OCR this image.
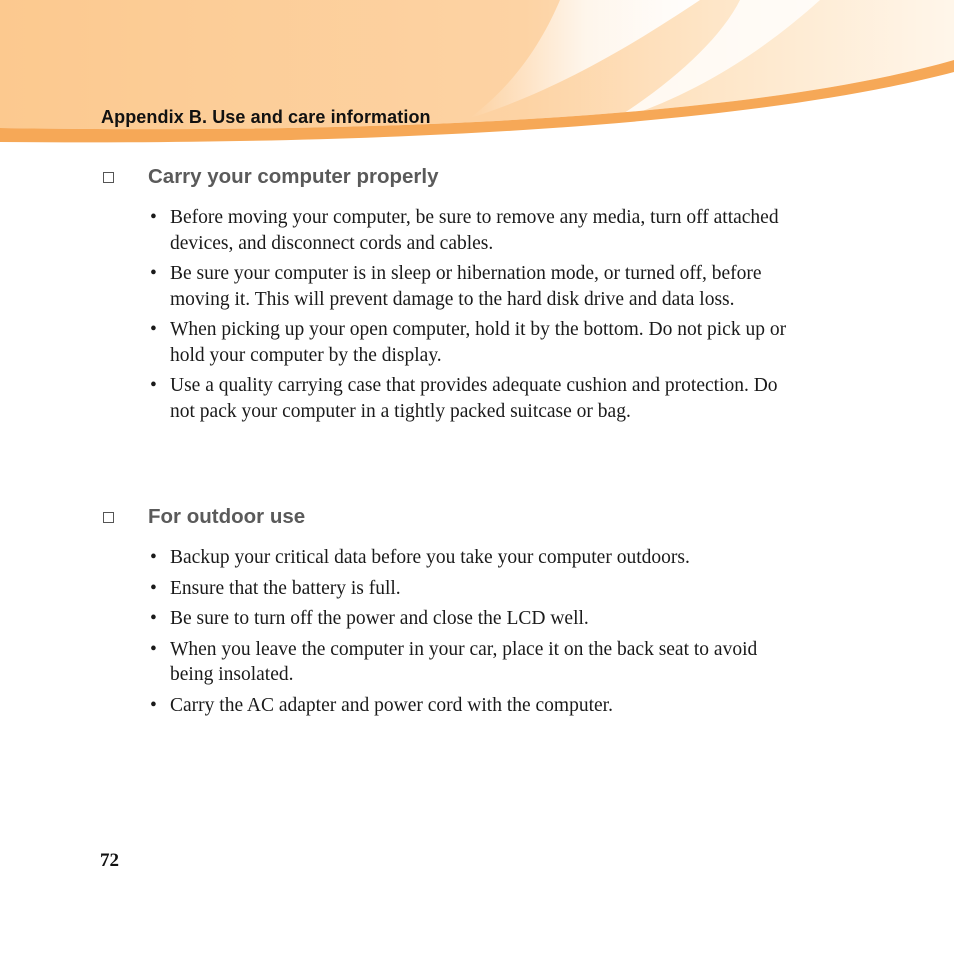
Appendix B. Use and care information
Carry your computer properly
• Before moving your computer, be sure to remove any media, turn off attached devices, and disconnect cords and cables.
• Be sure your computer is in sleep or hibernation mode, or turned off, before moving it. This will prevent damage to the hard disk drive and data loss.
• When picking up your open computer, hold it by the bottom. Do not pick up or hold your computer by the display.
• Use a quality carrying case that provides adequate cushion and protection. Do not pack your computer in a tightly packed suitcase or bag.
For outdoor use
• Backup your critical data before you take your computer outdoors.
• Ensure that the battery is full.
• Be sure to turn off the power and close the LCD well.
• When you leave the computer in your car, place it on the back seat to avoid being insolated.
• Carry the AC adapter and power cord with the computer.
72
